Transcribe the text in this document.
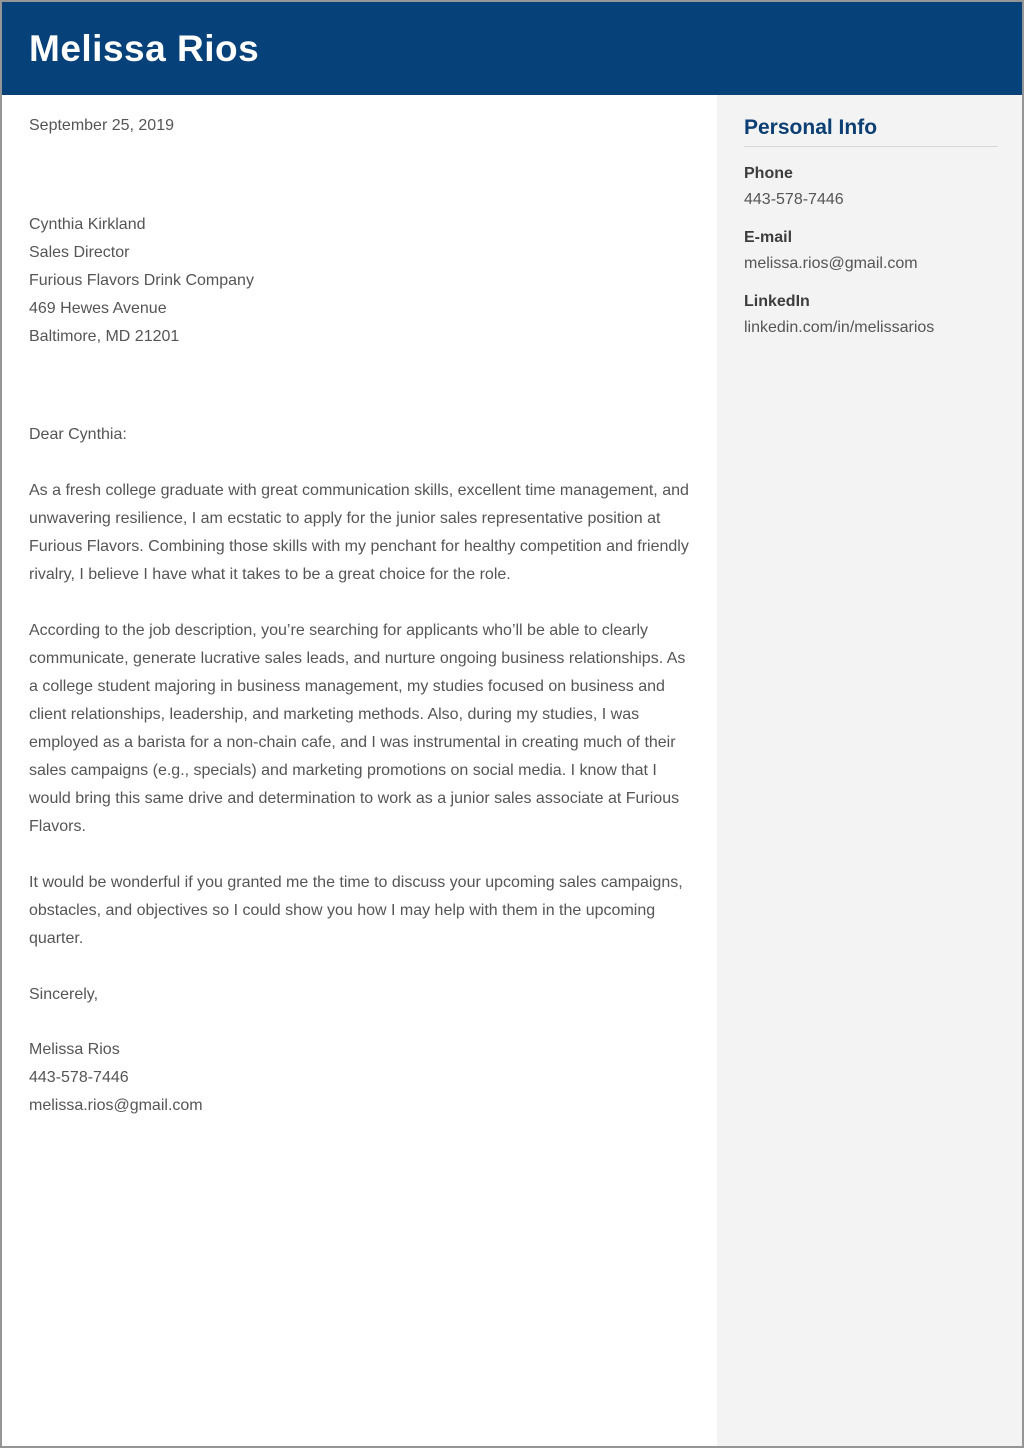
Melissa Rios
September 25, 2019
Cynthia Kirkland
Sales Director
Furious Flavors Drink Company
469 Hewes Avenue
Baltimore, MD 21201
Dear Cynthia:

As a fresh college graduate with great communication skills, excellent time management, and unwavering resilience, I am ecstatic to apply for the junior sales representative position at Furious Flavors. Combining those skills with my penchant for healthy competition and friendly rivalry, I believe I have what it takes to be a great choice for the role.

According to the job description, you’re searching for applicants who’ll be able to clearly communicate, generate lucrative sales leads, and nurture ongoing business relationships. As a college student majoring in business management, my studies focused on business and client relationships, leadership, and marketing methods. Also, during my studies, I was employed as a barista for a non-chain cafe, and I was instrumental in creating much of their sales campaigns (e.g., specials) and marketing promotions on social media. I know that I would bring this same drive and determination to work as a junior sales associate at Furious Flavors.

It would be wonderful if you granted me the time to discuss your upcoming sales campaigns, obstacles, and objectives so I could show you how I may help with them in the upcoming quarter.

Sincerely,
Melissa Rios
443-578-7446
melissa.rios@gmail.com
Personal Info
Phone
443-578-7446
E-mail
melissa.rios@gmail.com
LinkedIn
linkedin.com/in/melissarios
